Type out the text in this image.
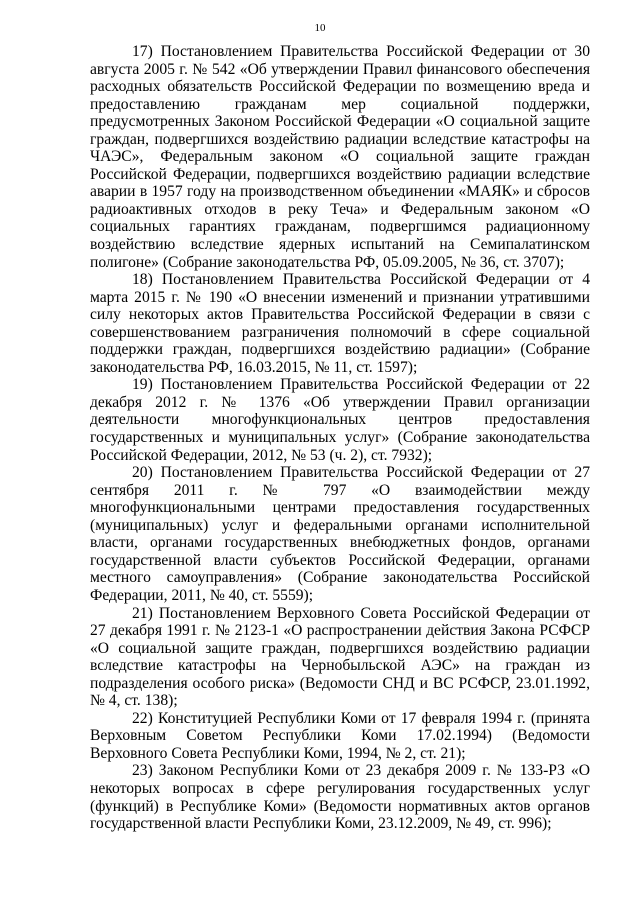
10

17) Постановлением Правительства Российской Федерации от 30 августа 2005 г. № 542 «Об утверждении Правил финансового обеспечения расходных обязательств Российской Федерации по возмещению вреда и предоставлению гражданам мер социальной поддержки, предусмотренных Законом Российской Федерации «О социальной защите граждан, подвергшихся воздействию радиации вследствие катастрофы на ЧАЭС», Федеральным законом «О социальной защите граждан Российской Федерации, подвергшихся воздействию радиации вследствие аварии в 1957 году на производственном объединении «МАЯК» и сбросов радиоактивных отходов в реку Теча» и Федеральным законом «О социальных гарантиях гражданам, подвергшимся радиационному воздействию вследствие ядерных испытаний на Семипалатинском полигоне» (Собрание законодательства РФ, 05.09.2005, № 36, ст. 3707);

18) Постановлением Правительства Российской Федерации от 4 марта 2015 г. № 190 «О внесении изменений и признании утратившими силу некоторых актов Правительства Российской Федерации в связи с совершенствованием разграничения полномочий в сфере социальной поддержки граждан, подвергшихся воздействию радиации» (Собрание законодательства РФ, 16.03.2015, № 11, ст. 1597);

19) Постановлением Правительства Российской Федерации от 22 декабря 2012 г. № 1376 «Об утверждении Правил организации деятельности многофункциональных центров предоставления государственных и муниципальных услуг» (Собрание законодательства Российской Федерации, 2012, № 53 (ч. 2), ст. 7932);

20) Постановлением Правительства Российской Федерации от 27 сентября 2011 г. № 797 «О взаимодействии между многофункциональными центрами предоставления государственных (муниципальных) услуг и федеральными органами исполнительной власти, органами государственных внебюджетных фондов, органами государственной власти субъектов Российской Федерации, органами местного самоуправления» (Собрание законодательства Российской Федерации, 2011, № 40, ст. 5559);

21) Постановлением Верховного Совета Российской Федерации от 27 декабря 1991 г. № 2123-1 «О распространении действия Закона РСФСР «О социальной защите граждан, подвергшихся воздействию радиации вследствие катастрофы на Чернобыльской АЭС» на граждан из подразделения особого риска» (Ведомости СНД и ВС РСФСР, 23.01.1992, № 4, ст. 138);

22) Конституцией Республики Коми от 17 февраля 1994 г. (принята Верховным Советом Республики Коми 17.02.1994) (Ведомости Верховного Совета Республики Коми, 1994, № 2, ст. 21);

23) Законом Республики Коми от 23 декабря 2009 г. № 133-РЗ «О некоторых вопросах в сфере регулирования государственных услуг (функций) в Республике Коми» (Ведомости нормативных актов органов государственной власти Республики Коми, 23.12.2009, № 49, ст. 996);
